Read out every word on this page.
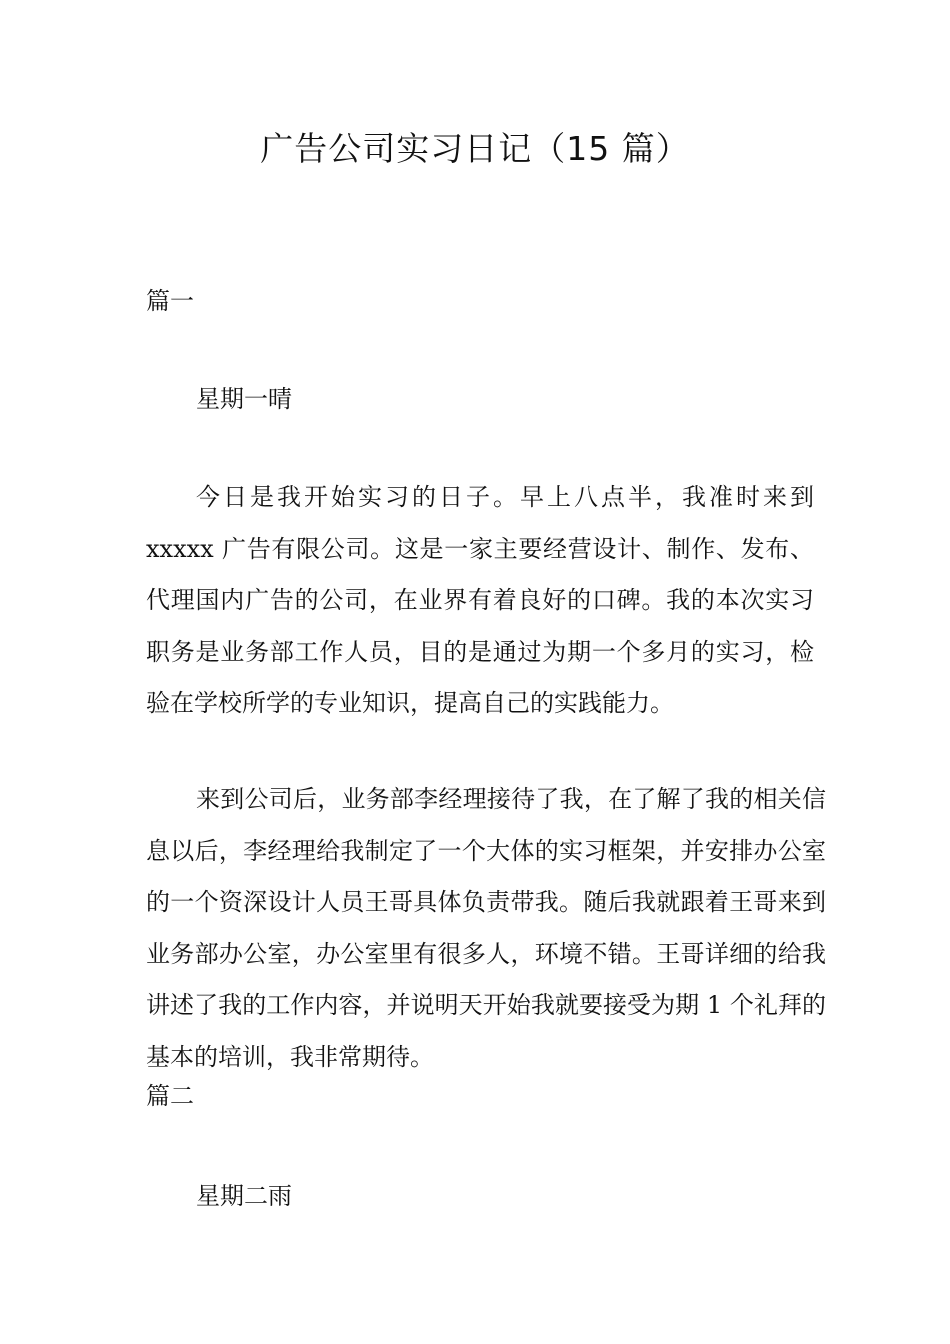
广告公司实习日记（15 篇）
篇一
星期一晴
今日是我开始实习的日子。早上八点半，我准时来到 xxxxx 广告有限公司。这是一家主要经营设计、制作、发布、代理国内广告的公司，在业界有着良好的口碑。我的本次实习职务是业务部工作人员，目的是通过为期一个多月的实习，检验在学校所学的专业知识，提高自己的实践能力。
来到公司后，业务部李经理接待了我，在了解了我的相关信息以后，李经理给我制定了一个大体的实习框架，并安排办公室的一个资深设计人员王哥具体负责带我。随后我就跟着王哥来到业务部办公室，办公室里有很多人，环境不错。王哥详细的给我讲述了我的工作内容，并说明天开始我就要接受为期 1 个礼拜的基本的培训，我非常期待。
篇二
星期二雨
